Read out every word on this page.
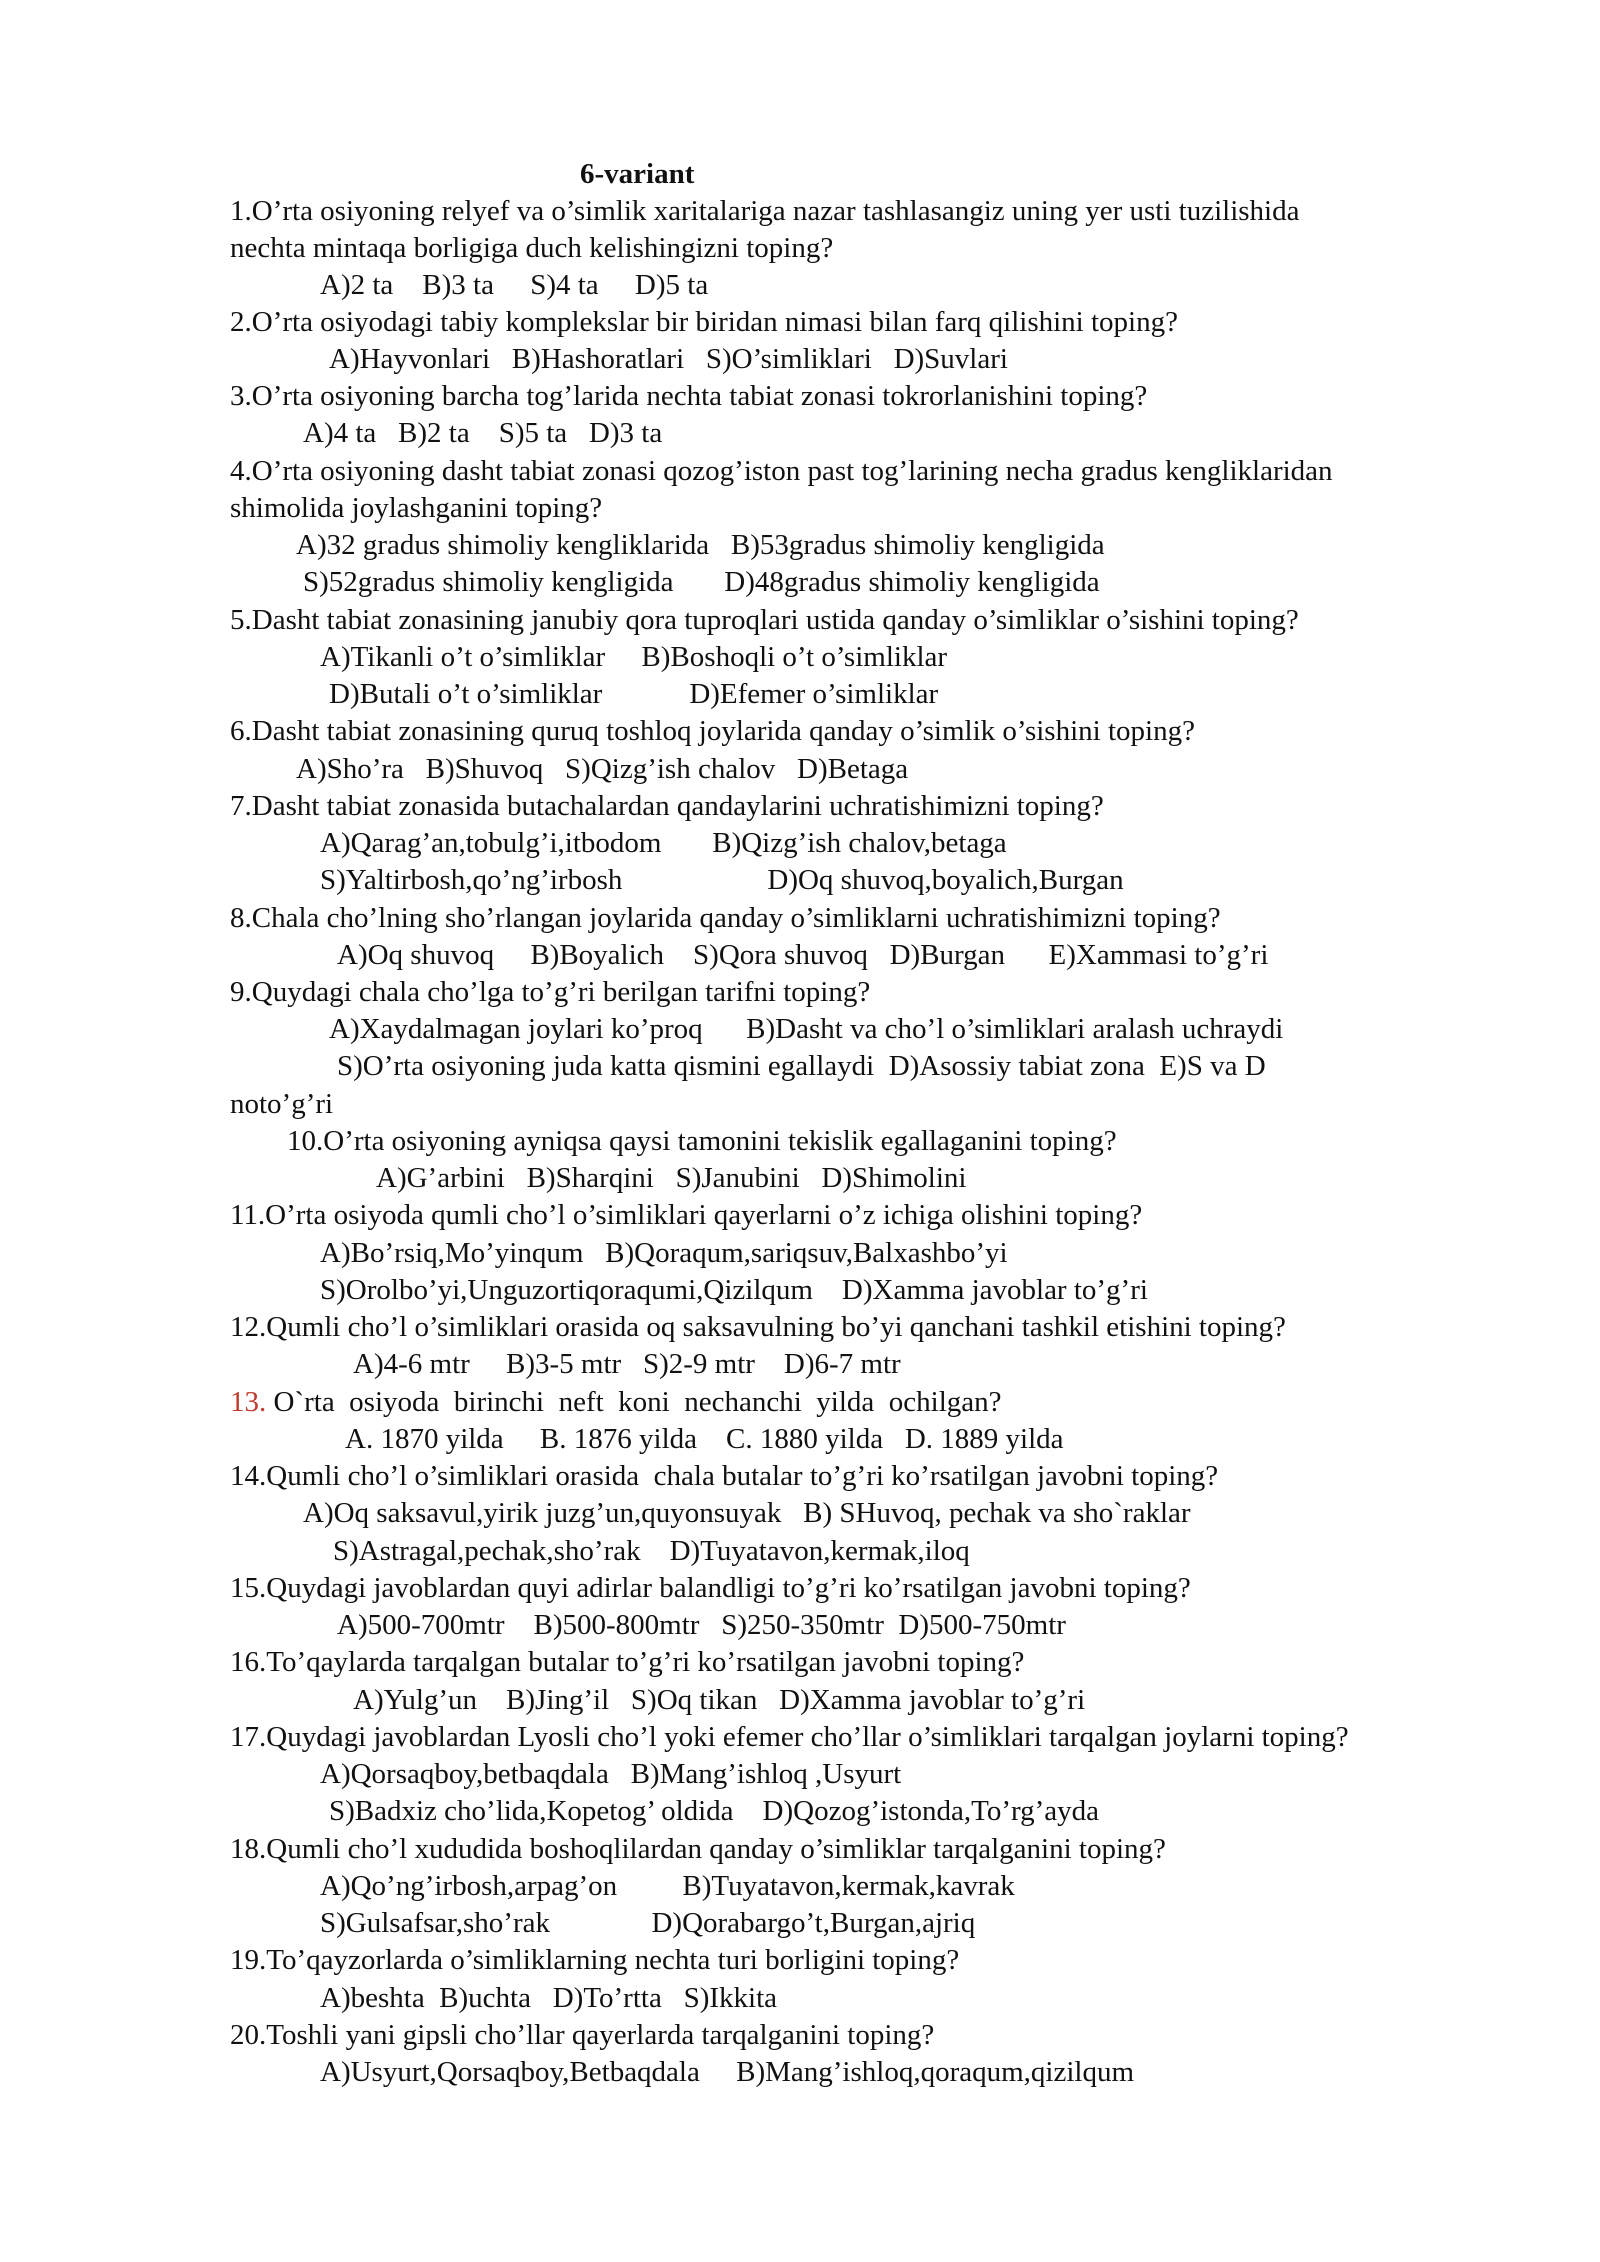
6-variant
1.O’rta osiyoning relyef va o’simlik xaritalariga nazar tashlasangiz uning yer usti tuzilishida
nechta mintaqa borligiga duch kelishingizni toping?
A)2 ta    B)3 ta     S)4 ta     D)5 ta
2.O’rta osiyodagi tabiy komplekslar bir biridan nimasi bilan farq qilishini toping?
A)Hayvonlari   B)Hashoratlari   S)O’simliklari   D)Suvlari
3.O’rta osiyoning barcha tog’larida nechta tabiat zonasi tokrorlanishini toping?
A)4 ta   B)2 ta    S)5 ta   D)3 ta
4.O’rta osiyoning dasht tabiat zonasi qozog’iston past tog’larining necha gradus kengliklaridan
shimolida joylashganini toping?
A)32 gradus shimoliy kengliklarida   B)53gradus shimoliy kengligida
S)52gradus shimoliy kengligida       D)48gradus shimoliy kengligida
5.Dasht tabiat zonasining janubiy qora tuproqlari ustida qanday o’simliklar o’sishini toping?
A)Tikanli o’t o’simliklar     B)Boshoqli o’t o’simliklar
D)Butali o’t o’simliklar            D)Efemer o’simliklar
6.Dasht tabiat zonasining quruq toshloq joylarida qanday o’simlik o’sishini toping?
A)Sho’ra   B)Shuvoq   S)Qizg’ish chalov   D)Betaga
7.Dasht tabiat zonasida butachalardan qandaylarini uchratishimizni toping?
A)Qarag’an,tobulg’i,itbodom       B)Qizg’ish chalov,betaga
S)Yaltirbosh,qo’ng’irbosh                    D)Oq shuvoq,boyalich,Burgan
8.Chala cho’lning sho’rlangan joylarida qanday o’simliklarni uchratishimizni toping?
A)Oq shuvoq     B)Boyalich    S)Qora shuvoq   D)Burgan      E)Xammasi to’g’ri
9.Quydagi chala cho’lga to’g’ri berilgan tarifni toping?
A)Xaydalmagan joylari ko’proq      B)Dasht va cho’l o’simliklari aralash uchraydi
S)O’rta osiyoning juda katta qismini egallaydi  D)Asossiy tabiat zona  E)S va D
noto’g’ri
10.O’rta osiyoning ayniqsa qaysi tamonini tekislik egallaganini toping?
A)G’arbini   B)Sharqini   S)Janubini   D)Shimolini
11.O’rta osiyoda qumli cho’l o’simliklari qayerlarni o’z ichiga olishini toping?
A)Bo’rsiq,Mo’yinqum   B)Qoraqum,sariqsuv,Balxashbo’yi
S)Orolbo’yi,Unguzortiqoraqumi,Qizilqum    D)Xamma javoblar to’g’ri
12.Qumli cho’l o’simliklari orasida oq saksavulning bo’yi qanchani tashkil etishini toping?
A)4-6 mtr     B)3-5 mtr   S)2-9 mtr    D)6-7 mtr
13. O`rta  osiyoda  birinchi  neft  koni  nechanchi  yilda  ochilgan?
A. 1870 yilda     B. 1876 yilda    C. 1880 yilda   D. 1889 yilda
14.Qumli cho’l o’simliklari orasida  chala butalar to’g’ri ko’rsatilgan javobni toping?
A)Oq saksavul,yirik juzg’un,quyonsuyak   B) SHuvoq, pechak va sho`raklar
S)Astragal,pechak,sho’rak    D)Tuyatavon,kermak,iloq
15.Quydagi javoblardan quyi adirlar balandligi to’g’ri ko’rsatilgan javobni toping?
A)500-700mtr    B)500-800mtr   S)250-350mtr  D)500-750mtr
16.To’qaylarda tarqalgan butalar to’g’ri ko’rsatilgan javobni toping?
A)Yulg’un    B)Jing’il   S)Oq tikan   D)Xamma javoblar to’g’ri
17.Quydagi javoblardan Lyosli cho’l yoki efemer cho’llar o’simliklari tarqalgan joylarni toping?
A)Qorsaqboy,betbaqdala   B)Mang’ishloq ,Usyurt
S)Badxiz cho’lida,Kopetog’ oldida    D)Qozog’istonda,To’rg’ayda
18.Qumli cho’l xududida boshoqlilardan qanday o’simliklar tarqalganini toping?
A)Qo’ng’irbosh,arpag’on         B)Tuyatavon,kermak,kavrak
S)Gulsafsar,sho’rak              D)Qorabargo’t,Burgan,ajriq
19.To’qayzorlarda o’simliklarning nechta turi borligini toping?
A)beshta  B)uchta   D)To’rtta   S)Ikkita
20.Toshli yani gipsli cho’llar qayerlarda tarqalganini toping?
A)Usyurt,Qorsaqboy,Betbaqdala     B)Mang’ishloq,qoraqum,qizilqum
